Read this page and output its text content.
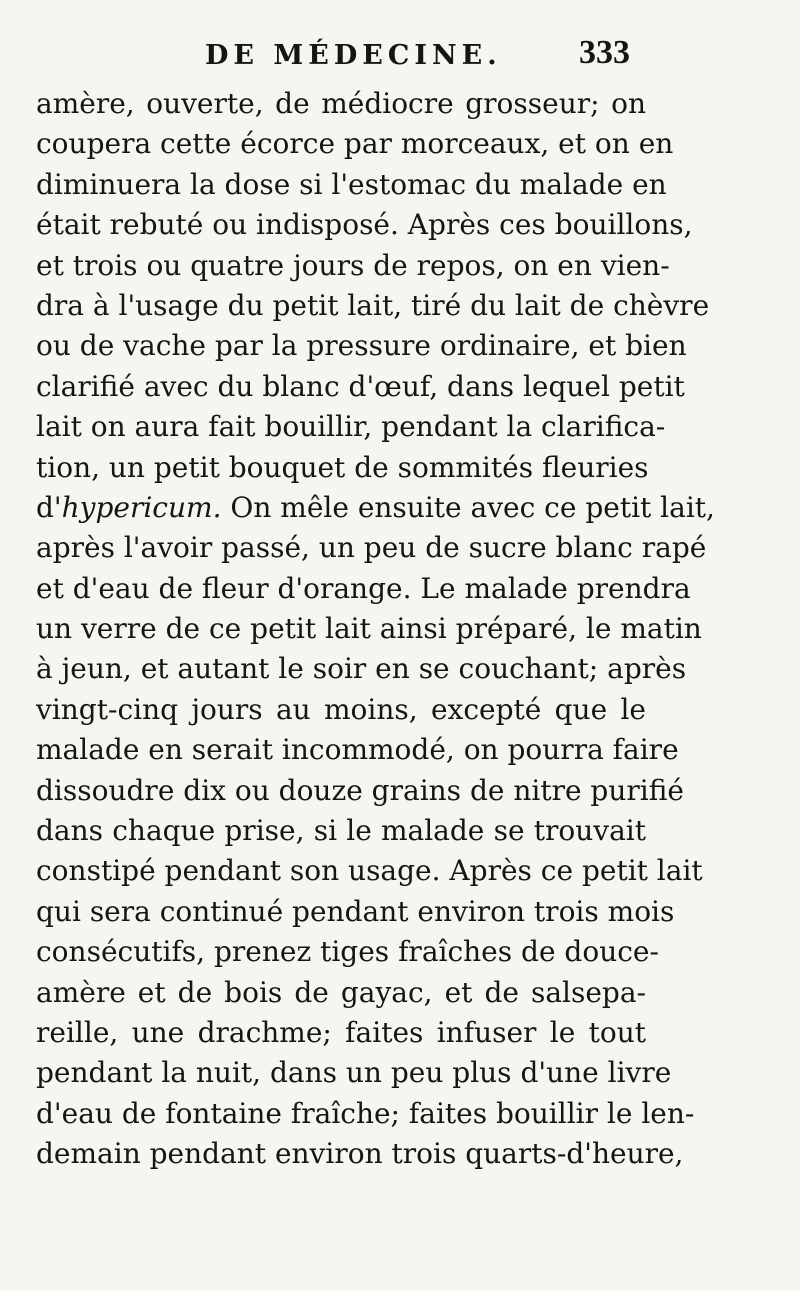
DE MÉDECINE. 333
amère, ouverte, de médiocre grosseur; on
coupera cette écorce par morceaux, et on en
diminuera la dose si l'estomac du malade en
était rebuté ou indisposé. Après ces bouillons,
et trois ou quatre jours de repos, on en vien-
dra à l'usage du petit lait, tiré du lait de chèvre
ou de vache par la pressure ordinaire, et bien
clarifié avec du blanc d'œuf, dans lequel petit
lait on aura fait bouillir, pendant la clarifica-
tion, un petit bouquet de sommités fleuries
d'hypericum. On mêle ensuite avec ce petit lait,
après l'avoir passé, un peu de sucre blanc rapé
et d'eau de fleur d'orange. Le malade prendra
un verre de ce petit lait ainsi préparé, le matin
à jeun, et autant le soir en se couchant; après
vingt-cinq jours au moins, excepté que le
malade en serait incommodé, on pourra faire
dissoudre dix ou douze grains de nitre purifié
dans chaque prise, si le malade se trouvait
constipé pendant son usage. Après ce petit lait
qui sera continué pendant environ trois mois
consécutifs, prenez tiges fraîches de douce-
amère et de bois de gayac, et de salsepa-
reille, une drachme; faites infuser le tout
pendant la nuit, dans un peu plus d'une livre
d'eau de fontaine fraîche; faites bouillir le len-
demain pendant environ trois quarts-d'heure,
